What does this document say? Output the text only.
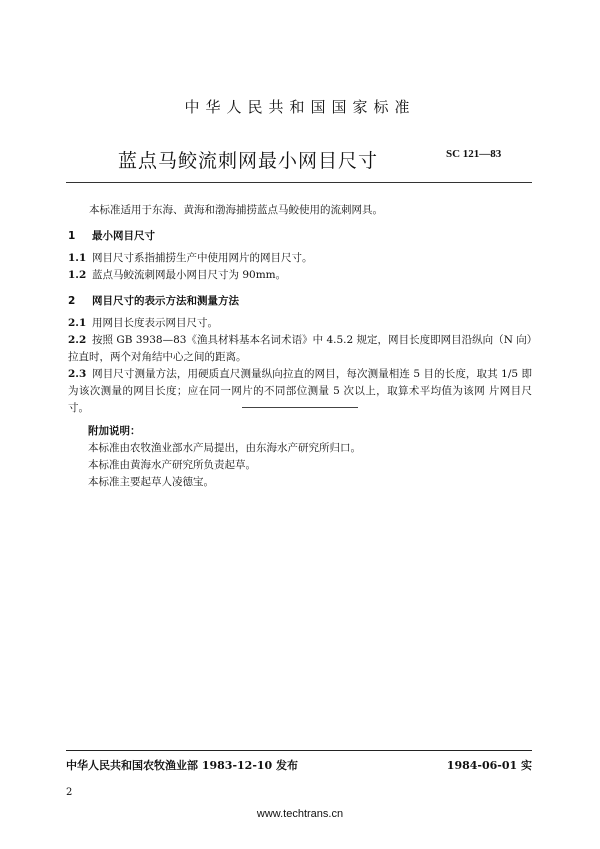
中华人民共和国国家标准
蓝点马鲛流刺网最小网目尺寸	SC 121—83
本标准适用于东海、黄海和渤海捕捞蓝点马鲛使用的流刺网具。
1 最小网目尺寸
1.1 网目尺寸系指捕捞生产中使用网片的网目尺寸。
1.2 蓝点马鲛流刺网最小网目尺寸为 90mm。
2 网目尺寸的表示方法和测量方法
2.1 用网目长度表示网目尺寸。
2.2 按照 GB 3938—83《渔具材料基本名词术语》中 4.5.2 规定，网目长度即网目沿纵向（N 向）拉直时，两个对角结中心之间的距离。
2.3 网目尺寸测量方法，用硬质直尺测量纵向拉直的网目，每次测量相连 5 目的长度，取其 1/5 即为该次测量的网目长度；应在同一网片的不同部位测量 5 次以上，取算术平均值为该网 片网目尺寸。
附加说明：
本标准由农牧渔业部水产局提出，由东海水产研究所归口。
本标准由黄海水产研究所负责起草。
本标准主要起草人凌德宝。
中华人民共和国农牧渔业部 1983-12-10 发布	1984-06-01 实
2
www.techtrans.cn
